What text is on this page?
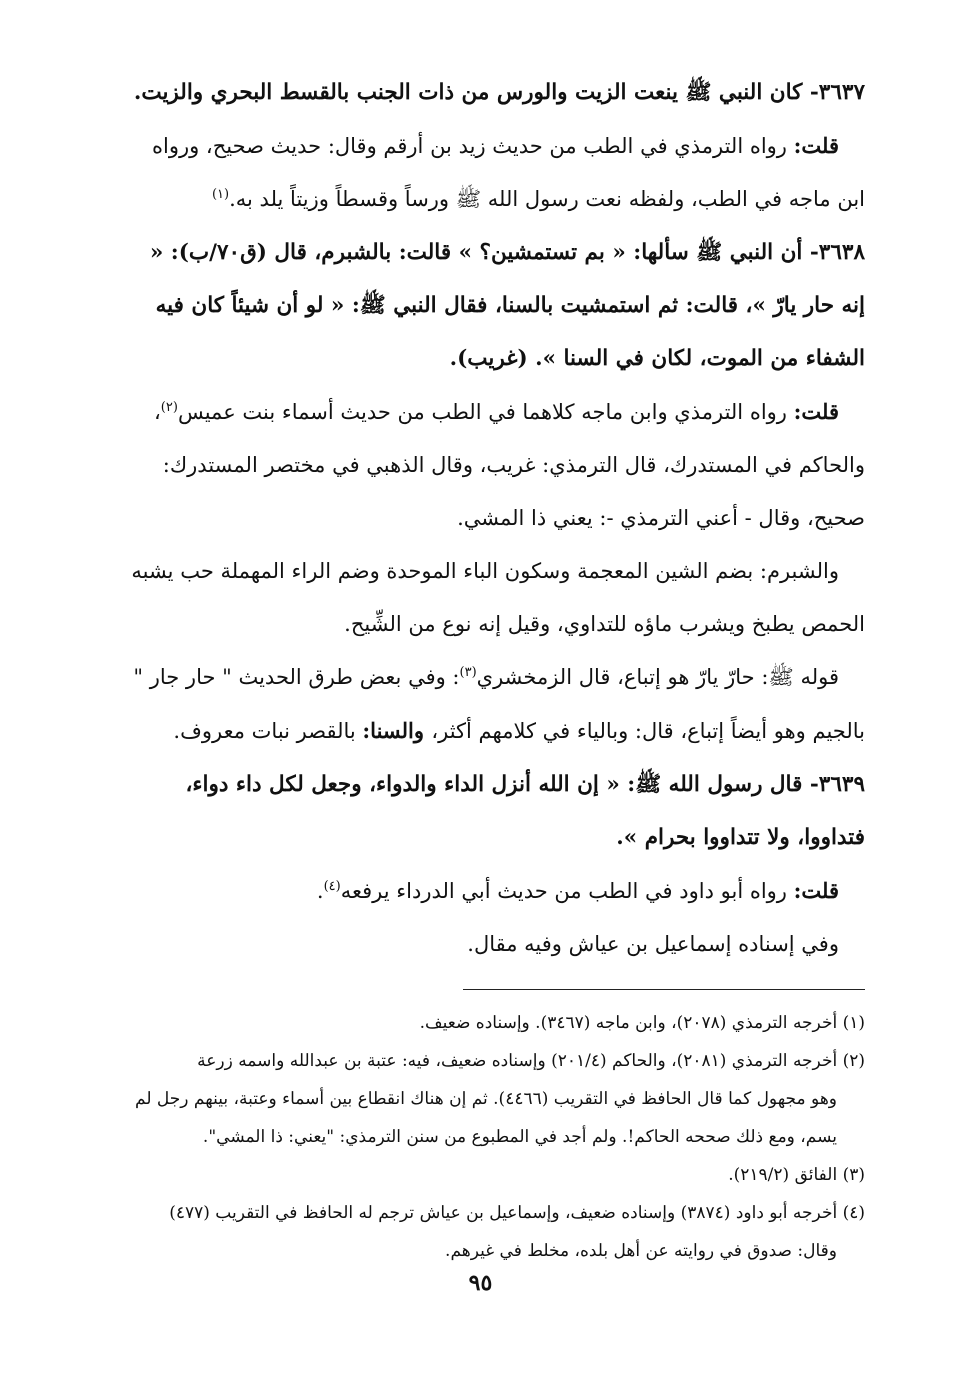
٣٦٣٧- كان النبي ﷺ ينعت الزيت والورس من ذات الجنب بالقسط البحري والزيت.
قلت: رواه الترمذي في الطب من حديث زيد بن أرقم وقال: حديث صحيح، ورواه
ابن ماجه في الطب، ولفظه نعت رسول الله ﷺ ورساً وقسطاً وزيتاً يلد به.$^{(١)}$
٣٦٣٨- أن النبي ﷺ سألها: « بم تستمشين؟ » قالت: بالشبرم، قال (ق٧٠/ب): «
إنه حار يارّ »، قالت: ثم استمشيت بالسنا، فقال النبي ﷺ: « لو أن شيئاً كان فيه
الشفاء من الموت، لكان في السنا ». (غريب).
قلت: رواه الترمذي وابن ماجه كلاهما في الطب من حديث أسماء بنت عميس$^{(٢)}$،
والحاكم في المستدرك، قال الترمذي: غريب، وقال الذهبي في مختصر المستدرك:
صحيح، وقال - أعني الترمذي -: يعني ذا المشي.
والشبرم: بضم الشين المعجمة وسكون الباء الموحدة وضم الراء المهملة حب يشبه
الحمص يطبخ ويشرب ماؤه للتداوي، وقيل إنه نوع من الشِّيح.
قوله ﷺ: حارّ يارّ هو إتباع، قال الزمخشري$^{(٣)}$: وفي بعض طرق الحديث " حار جار "
بالجيم وهو أيضاً إتباع، قال: وبالياء في كلامهم أكثر، والسنا: بالقصر نبات معروف.
٣٦٣٩- قال رسول الله ﷺ: « إن الله أنزل الداء والدواء، وجعل لكل داء دواء،
فتداووا، ولا تتداووا بحرام ».
قلت: رواه أبو داود في الطب من حديث أبي الدرداء يرفعه$^{(٤)}$.
وفي إسناده إسماعيل بن عياش وفيه مقال.
(١) أخرجه الترمذي (٢٠٧٨)، وابن ماجه (٣٤٦٧). وإسناده ضعيف.
(٢) أخرجه الترمذي (٢٠٨١)، والحاكم (٢٠١/٤) وإسناده ضعيف، فيه: عتبة بن عبدالله واسمه زرعة
وهو مجهول كما قال الحافظ في التقريب (٤٤٦٦). ثم إن هناك انقطاع بين أسماء وعتبة، بينهم رجل لم
يسم، ومع ذلك صححه الحاكم!. ولم أجد في المطبوع من سنن الترمذي: "يعني: ذا المشي".
(٣) الفائق (٢١٩/٢).
(٤) أخرجه أبو داود (٣٨٧٤) وإسناده ضعيف، وإسماعيل بن عياش ترجم له الحافظ في التقريب (٤٧٧)
وقال: صدوق في روايته عن أهل بلده، مخلط في غيرهم.
٩٥
